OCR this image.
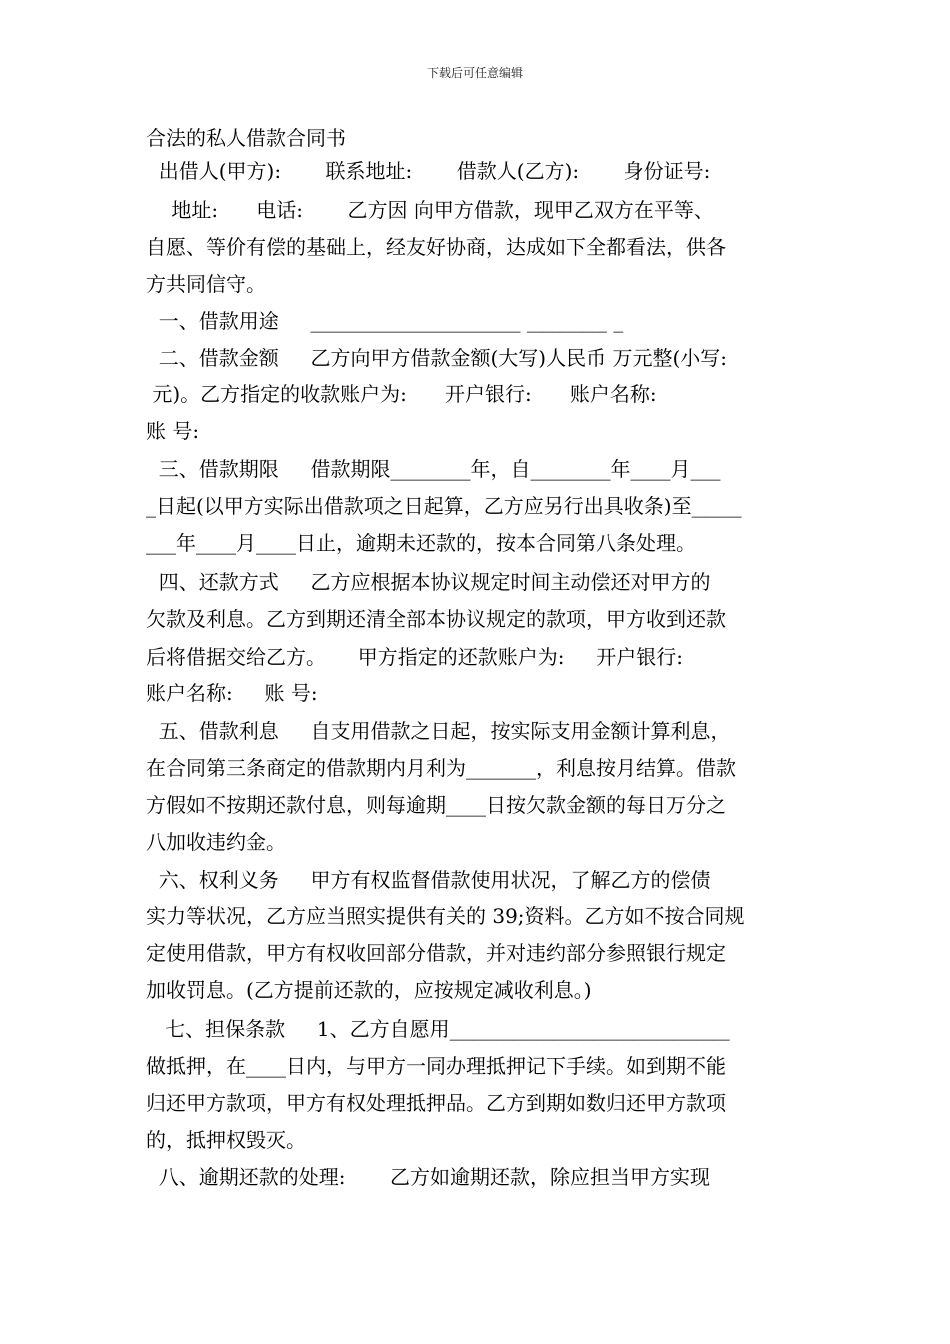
下载后可任意编辑
合法的私人借款合同书
出借人(甲方):       联系地址:       借款人(乙方):       身份证号:
地址:      电话:       乙方因 向甲方借款，现甲乙双方在平等、
自愿、等价有偿的基础上，经友好协商，达成如下全都看法，供各
方共同信守。
一、借款用途     _____________________ ________ _
二、借款金额     乙方向甲方借款金额(大写)人民币 万元整(小写:
元)。乙方指定的收款账户为:      开户银行:      账户名称:
账 号:
三、借款期限     借款期限________年，自________年____月___
_日起(以甲方实际出借款项之日起算，乙方应另行出具收条)至_____
___年____月____日止，逾期未还款的，按本合同第八条处理。
四、还款方式     乙方应根据本协议规定时间主动偿还对甲方的
欠款及利息。乙方到期还清全部本协议规定的款项，甲方收到还款
后将借据交给乙方。     甲方指定的还款账户为:     开户银行:
账户名称:     账 号:
五、借款利息     自支用借款之日起，按实际支用金额计算利息，
在合同第三条商定的借款期内月利为_______，利息按月结算。借款
方假如不按期还款付息，则每逾期____日按欠款金额的每日万分之
八加收违约金。
六、权利义务     甲方有权监督借款使用状况，了解乙方的偿债
实力等状况，乙方应当照实提供有关的 39;资料。乙方如不按合同规
定使用借款，甲方有权收回部分借款，并对违约部分参照银行规定
加收罚息。(乙方提前还款的，应按规定减收利息。)
七、担保条款     1、乙方自愿用____________________________
做抵押，在____日内，与甲方一同办理抵押记下手续。如到期不能
归还甲方款项，甲方有权处理抵押品。乙方到期如数归还甲方款项
的，抵押权毁灭。
八、逾期还款的处理:       乙方如逾期还款，除应担当甲方实现
